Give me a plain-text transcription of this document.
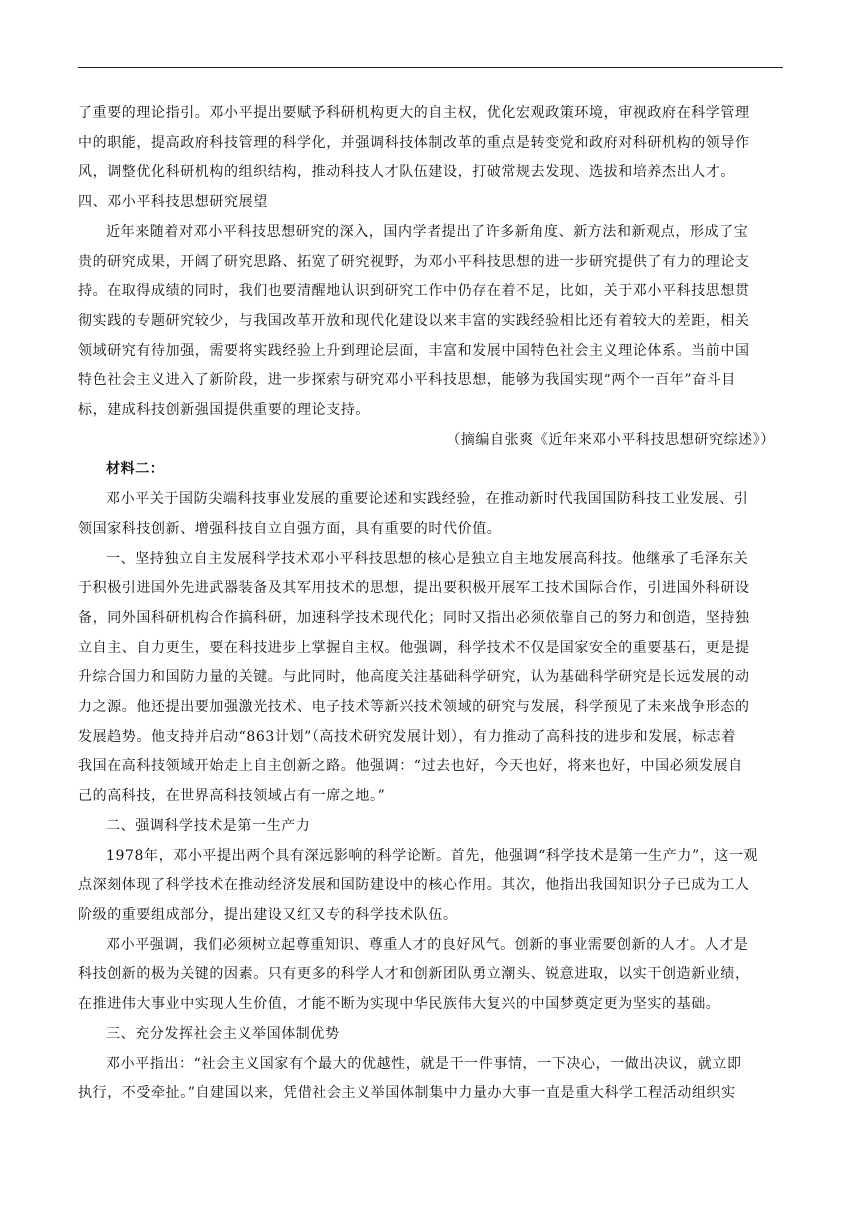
了重要的理论指引。邓小平提出要赋予科研机构更大的自主权，优化宏观政策环境，审视政府在科学管理
中的职能，提高政府科技管理的科学化，并强调科技体制改革的重点是转变党和政府对科研机构的领导作
风，调整优化科研机构的组织结构，推动科技人才队伍建设，打破常规去发现、选拔和培养杰出人才。
四、邓小平科技思想研究展望
近年来随着对邓小平科技思想研究的深入，国内学者提出了许多新角度、新方法和新观点，形成了宝
贵的研究成果，开阔了研究思路、拓宽了研究视野，为邓小平科技思想的进一步研究提供了有力的理论支
持。在取得成绩的同时，我们也要清醒地认识到研究工作中仍存在着不足，比如，关于邓小平科技思想贯
彻实践的专题研究较少，与我国改革开放和现代化建设以来丰富的实践经验相比还有着较大的差距，相关
领域研究有待加强，需要将实践经验上升到理论层面，丰富和发展中国特色社会主义理论体系。当前中国
特色社会主义进入了新阶段，进一步探索与研究邓小平科技思想，能够为我国实现“两个一百年”奋斗目
标，建成科技创新强国提供重要的理论支持。
（摘编自张爽《近年来邓小平科技思想研究综述》）
材料二：
邓小平关于国防尖端科技事业发展的重要论述和实践经验，在推动新时代我国国防科技工业发展、引
领国家科技创新、增强科技自立自强方面，具有重要的时代价值。
一、坚持独立自主发展科学技术邓小平科技思想的核心是独立自主地发展高科技。他继承了毛泽东关
于积极引进国外先进武器装备及其军用技术的思想，提出要积极开展军工技术国际合作，引进国外科研设
备，同外国科研机构合作搞科研，加速科学技术现代化；同时又指出必须依靠自己的努力和创造，坚持独
立自主、自力更生，要在科技进步上掌握自主权。他强调，科学技术不仅是国家安全的重要基石，更是提
升综合国力和国防力量的关键。与此同时，他高度关注基础科学研究，认为基础科学研究是长远发展的动
力之源。他还提出要加强激光技术、电子技术等新兴技术领域的研究与发展，科学预见了未来战争形态的
发展趋势。他支持并启动“863计划”（高技术研究发展计划），有力推动了高科技的进步和发展，标志着
我国在高科技领域开始走上自主创新之路。他强调：“过去也好，今天也好，将来也好，中国必须发展自
己的高科技，在世界高科技领域占有一席之地。”
二、强调科学技术是第一生产力
1978年，邓小平提出两个具有深远影响的科学论断。首先，他强调“科学技术是第一生产力”，这一观
点深刻体现了科学技术在推动经济发展和国防建设中的核心作用。其次，他指出我国知识分子已成为工人
阶级的重要组成部分，提出建设又红又专的科学技术队伍。
邓小平强调，我们必须树立起尊重知识、尊重人才的良好风气。创新的事业需要创新的人才。人才是
科技创新的极为关键的因素。只有更多的科学人才和创新团队勇立潮头、锐意进取，以实干创造新业绩，
在推进伟大事业中实现人生价值，才能不断为实现中华民族伟大复兴的中国梦奠定更为坚实的基础。
三、充分发挥社会主义举国体制优势
邓小平指出：“社会主义国家有个最大的优越性，就是干一件事情，一下决心，一做出决议，就立即
执行，不受牵扯。”自建国以来，凭借社会主义举国体制集中力量办大事一直是重大科学工程活动组织实
